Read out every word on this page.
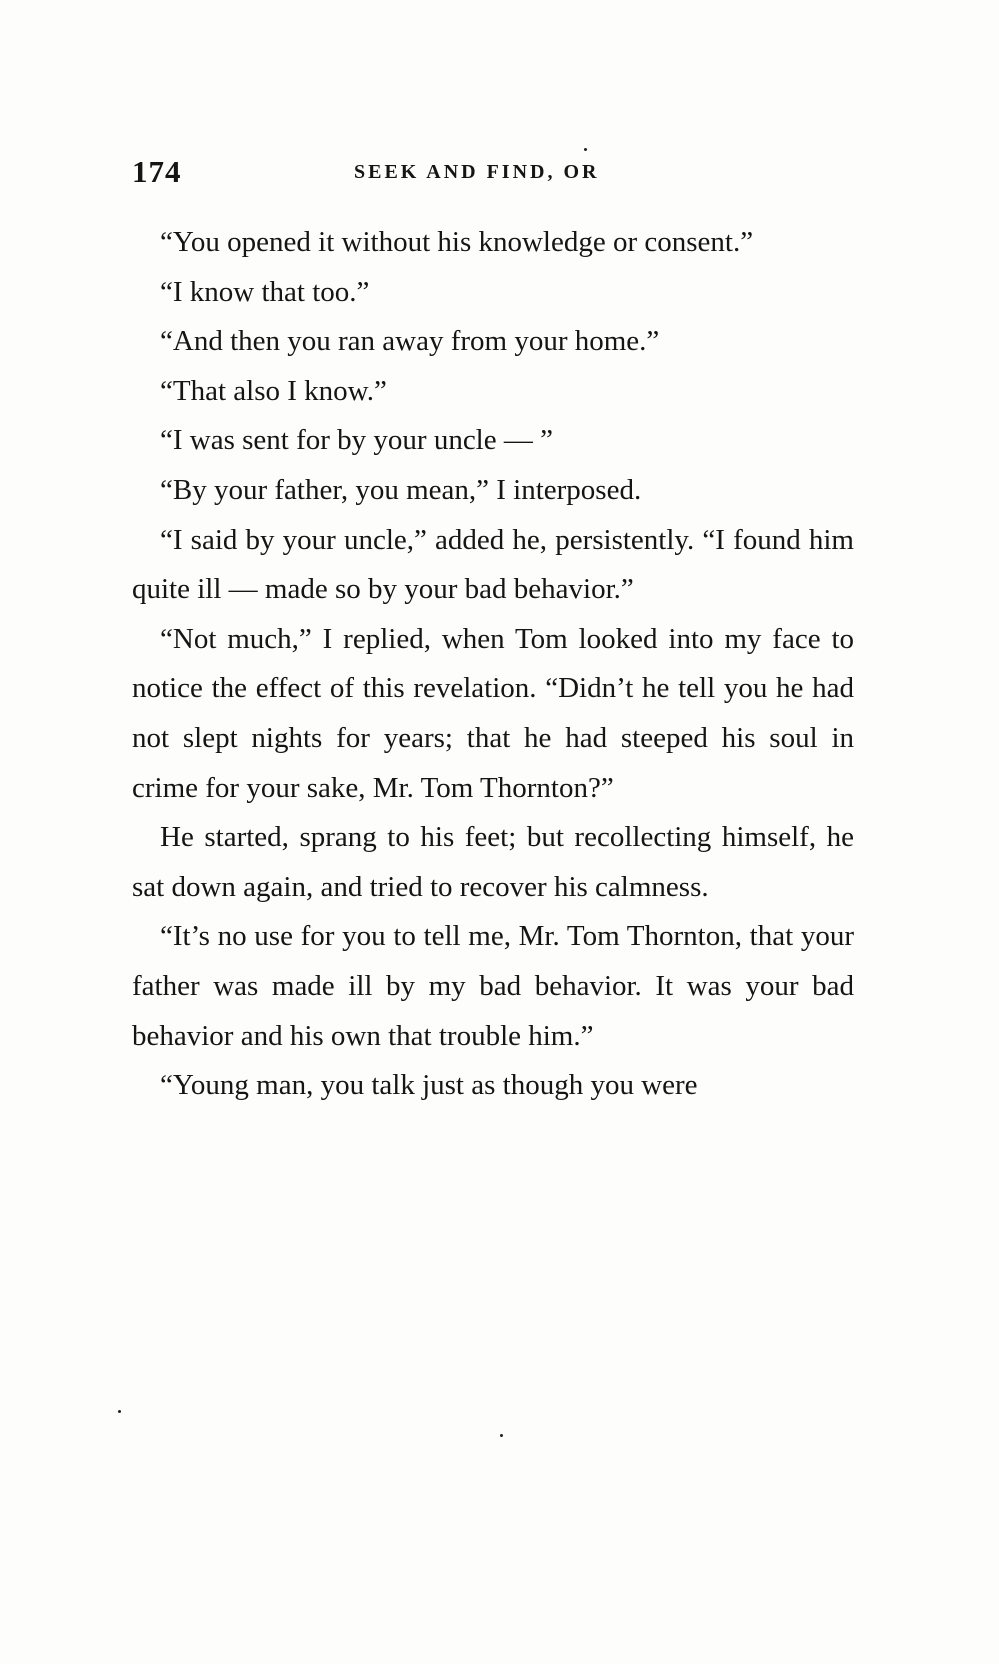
174	SEEK AND FIND, OR

“You opened it without his knowledge or consent.”

“I know that too.”

“And then you ran away from your home.”

“That also I know.”

“I was sent for by your uncle — ”

“By your father, you mean,” I interposed.

“I said by your uncle,” added he, persistently. “I found him quite ill — made so by your bad behavior.”

“Not much,” I replied, when Tom looked into my face to notice the effect of this revelation. “Didn’t he tell you he had not slept nights for years; that he had steeped his soul in crime for your sake, Mr. Tom Thornton?”

He started, sprang to his feet; but recollecting himself, he sat down again, and tried to recover his calmness.

“It’s no use for you to tell me, Mr. Tom Thornton, that your father was made ill by my bad behavior. It was your bad behavior and his own that trouble him.”

“Young man, you talk just as though you were
